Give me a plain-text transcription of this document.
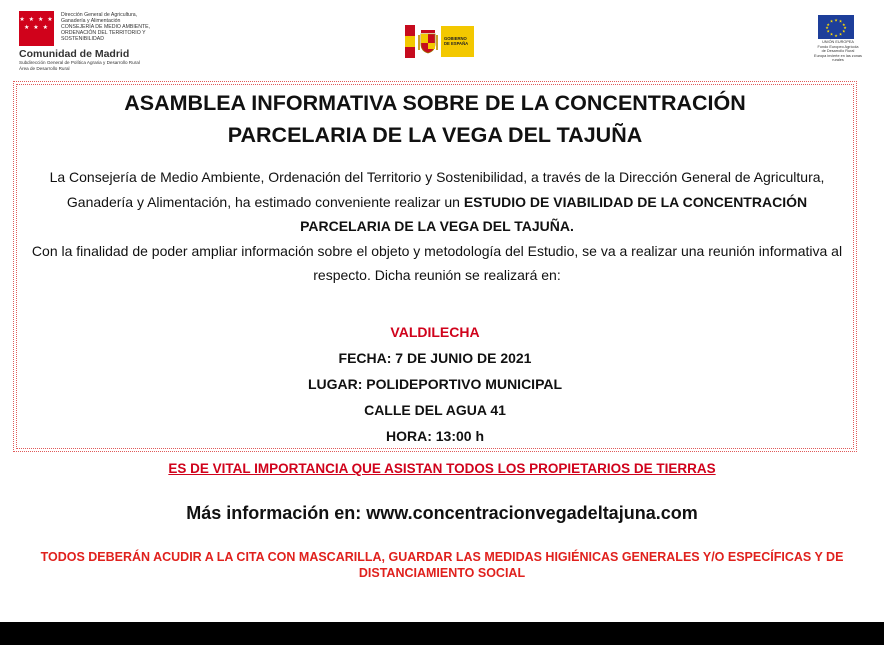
★ ★ ★ ★
★ ★ ★
Dirección General de Agricultura,
Ganadería y Alimentación
CONSEJERÍA DE MEDIO AMBIENTE,
ORDENACIÓN DEL TERRITORIO Y
SOSTENIBILIDAD
Comunidad de Madrid
Subdirección General de Política Agraria y Desarrollo Rural
Área de Desarrollo Rural
GOBIERNO
DE ESPAÑA
★ ★
★
★
★
★
★
★
★
★
★
★
UNIÓN EUROPEA
Fondo Europeo Agrícola
de Desarrollo Rural
Europa invierte en las zonas rurales
ASAMBLEA INFORMATIVA SOBRE DE LA CONCENTRACIÓN
PARCELARIA DE LA VEGA DEL TAJUÑA
La Consejería de Medio Ambiente, Ordenación del Territorio y Sostenibilidad, a través de la Dirección General de Agricultura, Ganadería y Alimentación, ha estimado conveniente realizar un ESTUDIO DE VIABILIDAD DE LA CONCENTRACIÓN PARCELARIA DE LA VEGA DEL TAJUÑA.
Con la finalidad de poder ampliar información sobre el objeto y metodología del Estudio, se va a realizar una reunión informativa al respecto. Dicha reunión se realizará en:
VALDILECHA
FECHA: 7 DE JUNIO DE 2021
LUGAR: POLIDEPORTIVO MUNICIPAL
CALLE DEL AGUA 41
HORA: 13:00 h
ES DE VITAL IMPORTANCIA QUE ASISTAN TODOS LOS PROPIETARIOS DE TIERRAS
Más información en: www.concentracionvegadeltajuna.com
TODOS DEBERÁN ACUDIR A LA CITA CON MASCARILLA, GUARDAR LAS MEDIDAS HIGIÉNICAS GENERALES Y/O ESPECÍFICAS Y DE DISTANCIAMIENTO SOCIAL
